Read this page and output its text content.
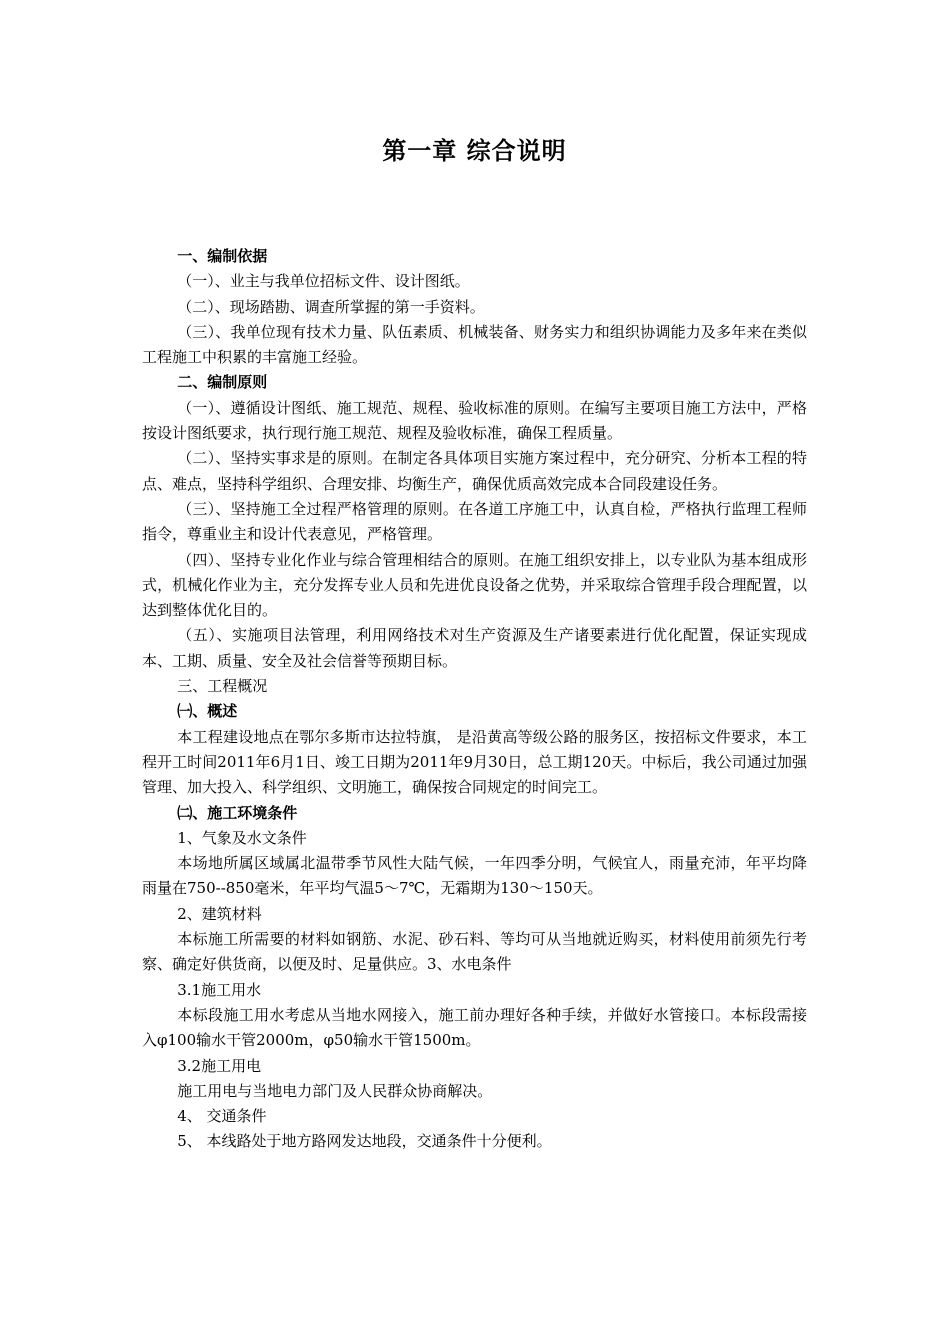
第一章 综合说明

一、编制依据

（一）、业主与我单位招标文件、设计图纸。

（二）、现场踏勘、调查所掌握的第一手资料。

（三）、我单位现有技术力量、队伍素质、机械装备、财务实力和组织协调能力及多年来在类似工程施工中积累的丰富施工经验。

二、编制原则

（一）、遵循设计图纸、施工规范、规程、验收标准的原则。在编写主要项目施工方法中，严格按设计图纸要求，执行现行施工规范、规程及验收标准，确保工程质量。

（二）、坚持实事求是的原则。在制定各具体项目实施方案过程中，充分研究、分析本工程的特点、难点，坚持科学组织、合理安排、均衡生产，确保优质高效完成本合同段建设任务。

（三）、坚持施工全过程严格管理的原则。在各道工序施工中，认真自检，严格执行监理工程师指令，尊重业主和设计代表意见，严格管理。

（四）、坚持专业化作业与综合管理相结合的原则。在施工组织安排上，以专业队为基本组成形式，机械化作业为主，充分发挥专业人员和先进优良设备之优势，并采取综合管理手段合理配置，以达到整体优化目的。

（五）、实施项目法管理，利用网络技术对生产资源及生产诸要素进行优化配置，保证实现成本、工期、质量、安全及社会信誉等预期目标。

三、工程概况

㈠、概述

本工程建设地点在鄂尔多斯市达拉特旗， 是沿黄高等级公路的服务区，按招标文件要求，本工程开工时间2011年6月1日、竣工日期为2011年9月30日，总工期120天。中标后，我公司通过加强管理、加大投入、科学组织、文明施工，确保按合同规定的时间完工。

㈡、施工环境条件

1、气象及水文条件

本场地所属区域属北温带季节风性大陆气候，一年四季分明，气候宜人，雨量充沛，年平均降雨量在750--850毫米，年平均气温5～7℃，无霜期为130～150天。

2、建筑材料

本标施工所需要的材料如钢筋、水泥、砂石料、等均可从当地就近购买，材料使用前须先行考察、确定好供货商，以便及时、足量供应。3、水电条件

3.1施工用水

本标段施工用水考虑从当地水网接入，施工前办理好各种手续，并做好水管接口。本标段需接入φ100输水干管2000m，φ50输水干管1500m。

3.2施工用电

施工用电与当地电力部门及人民群众协商解决。

4、 交通条件

5、 本线路处于地方路网发达地段，交通条件十分便利。
